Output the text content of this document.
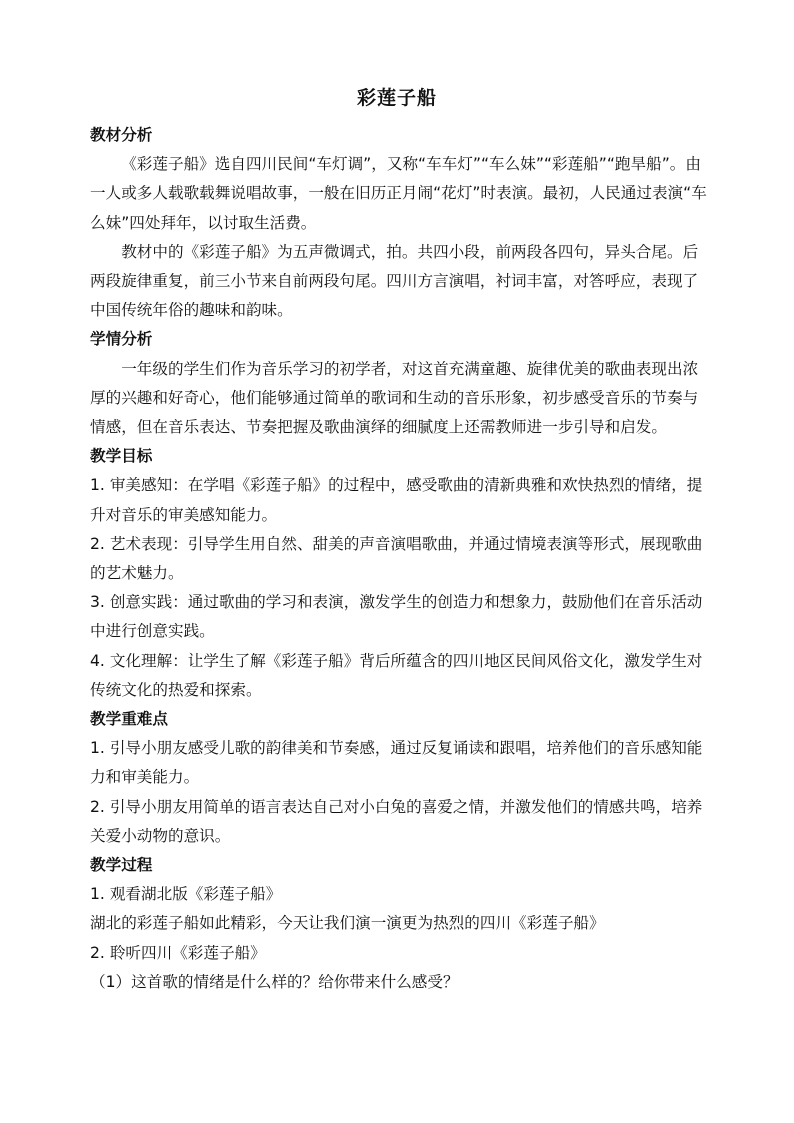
彩莲子船

教材分析

《彩莲子船》选自四川民间“车灯调”，又称“车车灯”“车么妹”“彩莲船”“跑旱船”。由一人或多人载歌载舞说唱故事，一般在旧历正月闹“花灯”时表演。最初，人民通过表演“车么妹”四处拜年，以讨取生活费。

教材中的《彩莲子船》为五声微调式，拍。共四小段，前两段各四句，异头合尾。后两段旋律重复，前三小节来自前两段句尾。四川方言演唱，衬词丰富，对答呼应，表现了中国传统年俗的趣味和韵味。

学情分析

一年级的学生们作为音乐学习的初学者，对这首充满童趣、旋律优美的歌曲表现出浓厚的兴趣和好奇心，他们能够通过简单的歌词和生动的音乐形象，初步感受音乐的节奏与情感，但在音乐表达、节奏把握及歌曲演绎的细腻度上还需教师进一步引导和启发。

教学目标

1. 审美感知：在学唱《彩莲子船》的过程中，感受歌曲的清新典雅和欢快热烈的情绪，提升对音乐的审美感知能力。

2. 艺术表现：引导学生用自然、甜美的声音演唱歌曲，并通过情境表演等形式，展现歌曲的艺术魅力。

3. 创意实践：通过歌曲的学习和表演，激发学生的创造力和想象力，鼓励他们在音乐活动中进行创意实践。

4. 文化理解：让学生了解《彩莲子船》背后所蕴含的四川地区民间风俗文化，激发学生对传统文化的热爱和探索。

教学重难点

1. 引导小朋友感受儿歌的韵律美和节奏感，通过反复诵读和跟唱，培养他们的音乐感知能力和审美能力。

2. 引导小朋友用简单的语言表达自己对小白兔的喜爱之情，并激发他们的情感共鸣，培养关爱小动物的意识。

教学过程

1. 观看湖北版《彩莲子船》

湖北的彩莲子船如此精彩，今天让我们演一演更为热烈的四川《彩莲子船》

2. 聆听四川《彩莲子船》

（1）这首歌的情绪是什么样的？给你带来什么感受？
